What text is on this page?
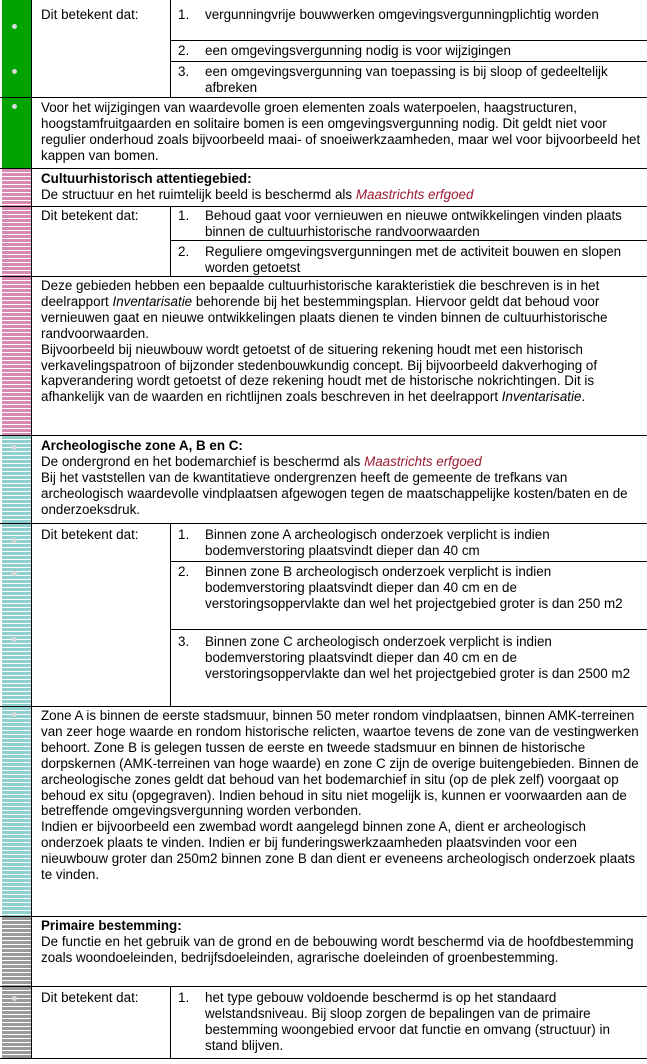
Dit betekent dat:	1.	vergunningvrije bouwwerken omgevingsvergunningplichtig worden
2.	een omgevingsvergunning nodig is voor wijzigingen
3.	een omgevingsvergunning van toepassing is bij sloop of gedeeltelijk afbreken
Voor het wijzigingen van waardevolle groen elementen zoals waterpoelen, haagstructuren, hoogstamfruitgaarden en solitaire bomen is een omgevingsvergunning nodig. Dit geldt niet voor regulier onderhoud zoals bijvoorbeeld maai- of snoeiwerkzaamheden, maar wel voor bijvoorbeeld het kappen van bomen.

Cultuurhistorisch attentiegebied:

De structuur en het ruimtelijk beeld is beschermd als Maastrichts erfgoed

Dit betekent dat:	1.	Behoud gaat voor vernieuwen en nieuwe ontwikkelingen vinden plaats binnen de cultuurhistorische randvoorwaarden
2.	Reguliere omgevingsvergunningen met de activiteit bouwen en slopen worden getoetst

Deze gebieden hebben een bepaalde cultuurhistorische karakteristiek die beschreven is in het deelrapport Inventarisatie behorende bij het bestemmingsplan. Hiervoor geldt dat behoud voor vernieuwen gaat en nieuwe ontwikkelingen plaats dienen te vinden binnen de cultuurhistorische randvoorwaarden.

Bijvoorbeeld bij nieuwbouw wordt getoetst of de situering rekening houdt met een historisch verkavelingspatroon of bijzonder stedenbouwkundig concept. Bij bijvoorbeeld dakverhoging of kapverandering wordt getoetst of deze rekening houdt met de historische nokrichtingen. Dit is afhankelijk van de waarden en richtlijnen zoals beschreven in het deelrapport Inventarisatie.

Archeologische zone A, B en C:

De ondergrond en het bodemarchief is beschermd als Maastrichts erfgoed

Bij het vaststellen van de kwantitatieve ondergrenzen heeft de gemeente de trefkans van archeologisch waardevolle vindplaatsen afgewogen tegen de maatschappelijke kosten/baten en de onderzoeksdruk.

Dit betekent dat:	1.	Binnen zone A archeologisch onderzoek verplicht is indien bodemverstoring plaatsvindt dieper dan 40 cm
2.	Binnen zone B archeologisch onderzoek verplicht is indien bodemverstoring plaatsvindt dieper dan 40 cm en de verstoringsoppervlakte dan wel het projectgebied groter is dan 250 m2
3.	Binnen zone C archeologisch onderzoek verplicht is indien bodemverstoring plaatsvindt dieper dan 40 cm en de verstoringsoppervlakte dan wel het projectgebied groter is dan 2500 m2

Zone A is binnen de eerste stadsmuur, binnen 50 meter rondom vindplaatsen, binnen AMK-terreinen van zeer hoge waarde en rondom historische relicten, waartoe tevens de zone van de vestingwerken behoort. Zone B is gelegen tussen de eerste en tweede stadsmuur en binnen de historische dorpskernen (AMK-terreinen van hoge waarde) en zone C zijn de overige buitengebieden. Binnen de archeologische zones geldt dat behoud van het bodemarchief in situ (op de plek zelf) voorgaat op behoud ex situ (opgegraven). Indien behoud in situ niet mogelijk is, kunnen er voorwaarden aan de betreffende omgevingsvergunning worden verbonden.

Indien er bijvoorbeeld een zwembad wordt aangelegd binnen zone A, dient er archeologisch onderzoek plaats te vinden. Indien er bij funderingswerkzaamheden plaatsvinden voor een nieuwbouw groter dan 250m2 binnen zone B dan dient er eveneens archeologisch onderzoek plaats te vinden.

Primaire bestemming:

De functie en het gebruik van de grond en de bebouwing wordt beschermd via de hoofdbestemming zoals woondoeleinden, bedrijfsdoeleinden, agrarische doeleinden of groenbestemming.

Dit betekent dat:	1.	het type gebouw voldoende beschermd is op het standaard welstandsniveau. Bij sloop zorgen de bepalingen van de primaire bestemming woongebied ervoor dat functie en omvang (structuur) in stand blijven.
